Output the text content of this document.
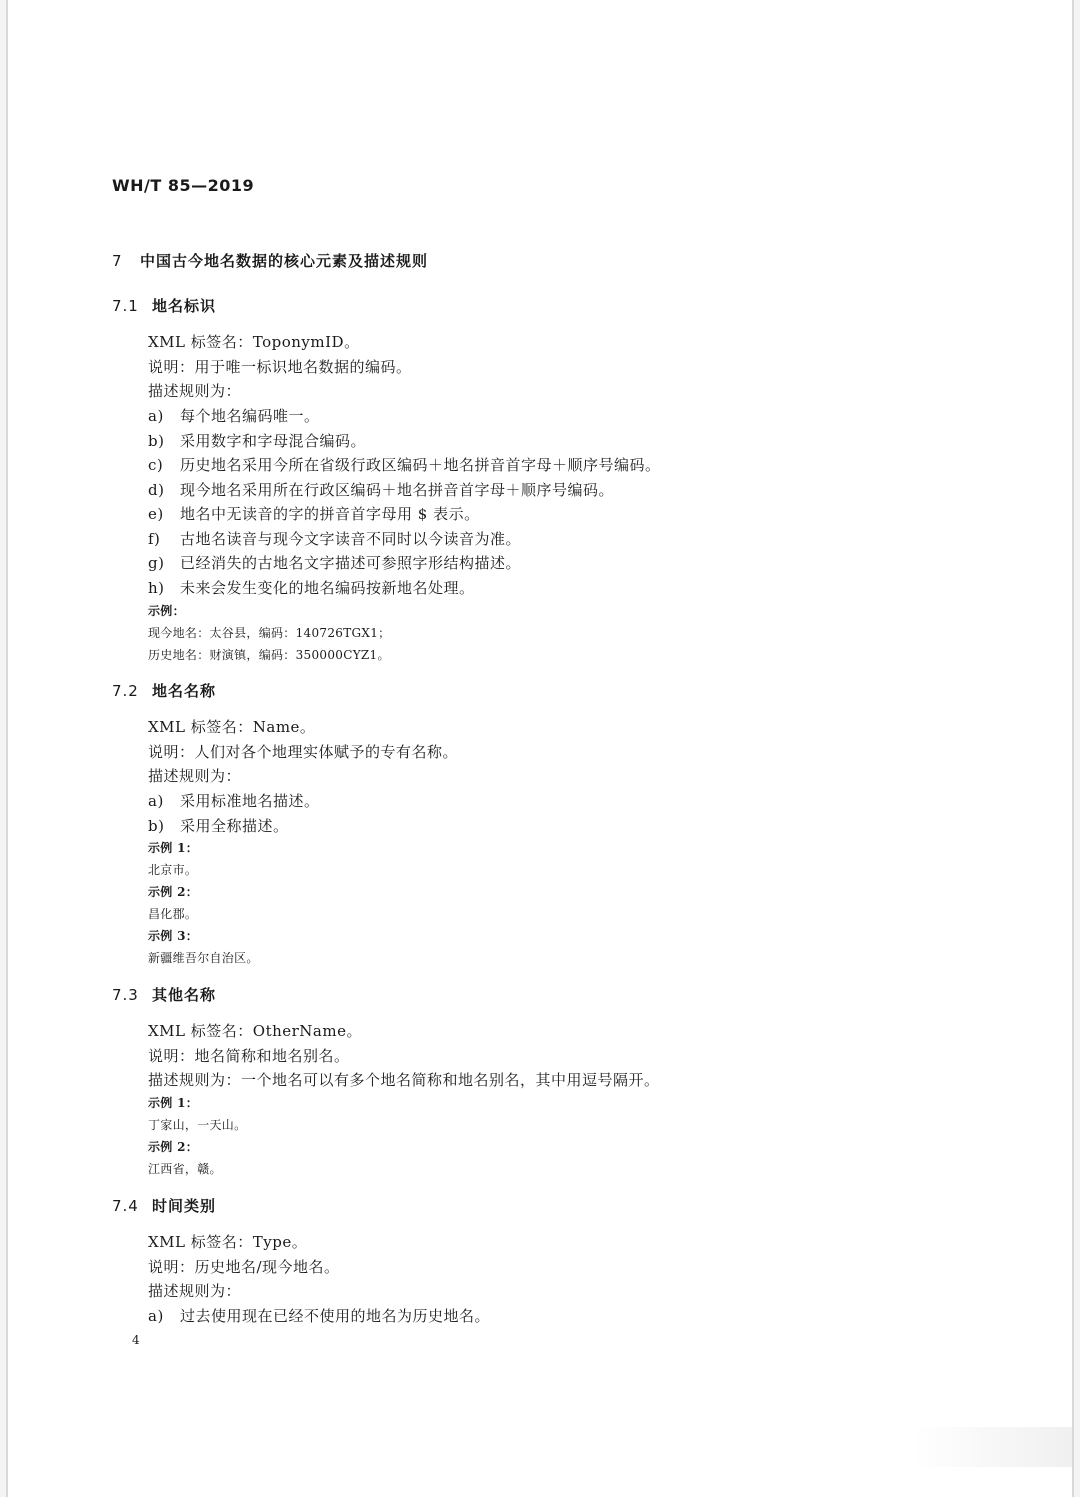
WH/T 85—2019
7 中国古今地名数据的核心元素及描述规则
7.1 地名标识
XML 标签名：ToponymID。
说明：用于唯一标识地名数据的编码。
描述规则为：
a) 每个地名编码唯一。
b) 采用数字和字母混合编码。
c) 历史地名采用今所在省级行政区编码＋地名拼音首字母＋顺序号编码。
d) 现今地名采用所在行政区编码＋地名拼音首字母＋顺序号编码。
e) 地名中无读音的字的拼音首字母用 $ 表示。
f) 古地名读音与现今文字读音不同时以今读音为准。
g) 已经消失的古地名文字描述可参照字形结构描述。
h) 未来会发生变化的地名编码按新地名处理。
示例：
现今地名：太谷县，编码：140726TGX1；
历史地名：财演镇，编码：350000CYZ1。
7.2 地名名称
XML 标签名：Name。
说明：人们对各个地理实体赋予的专有名称。
描述规则为：
a) 采用标准地名描述。
b) 采用全称描述。
示例 1：
北京市。
示例 2：
昌化郡。
示例 3：
新疆维吾尔自治区。
7.3 其他名称
XML 标签名：OtherName。
说明：地名简称和地名别名。
描述规则为：一个地名可以有多个地名简称和地名别名，其中用逗号隔开。
示例 1：
丁家山，一天山。
示例 2：
江西省，赣。
7.4 时间类别
XML 标签名：Type。
说明：历史地名/现今地名。
描述规则为：
a) 过去使用现在已经不使用的地名为历史地名。
4
